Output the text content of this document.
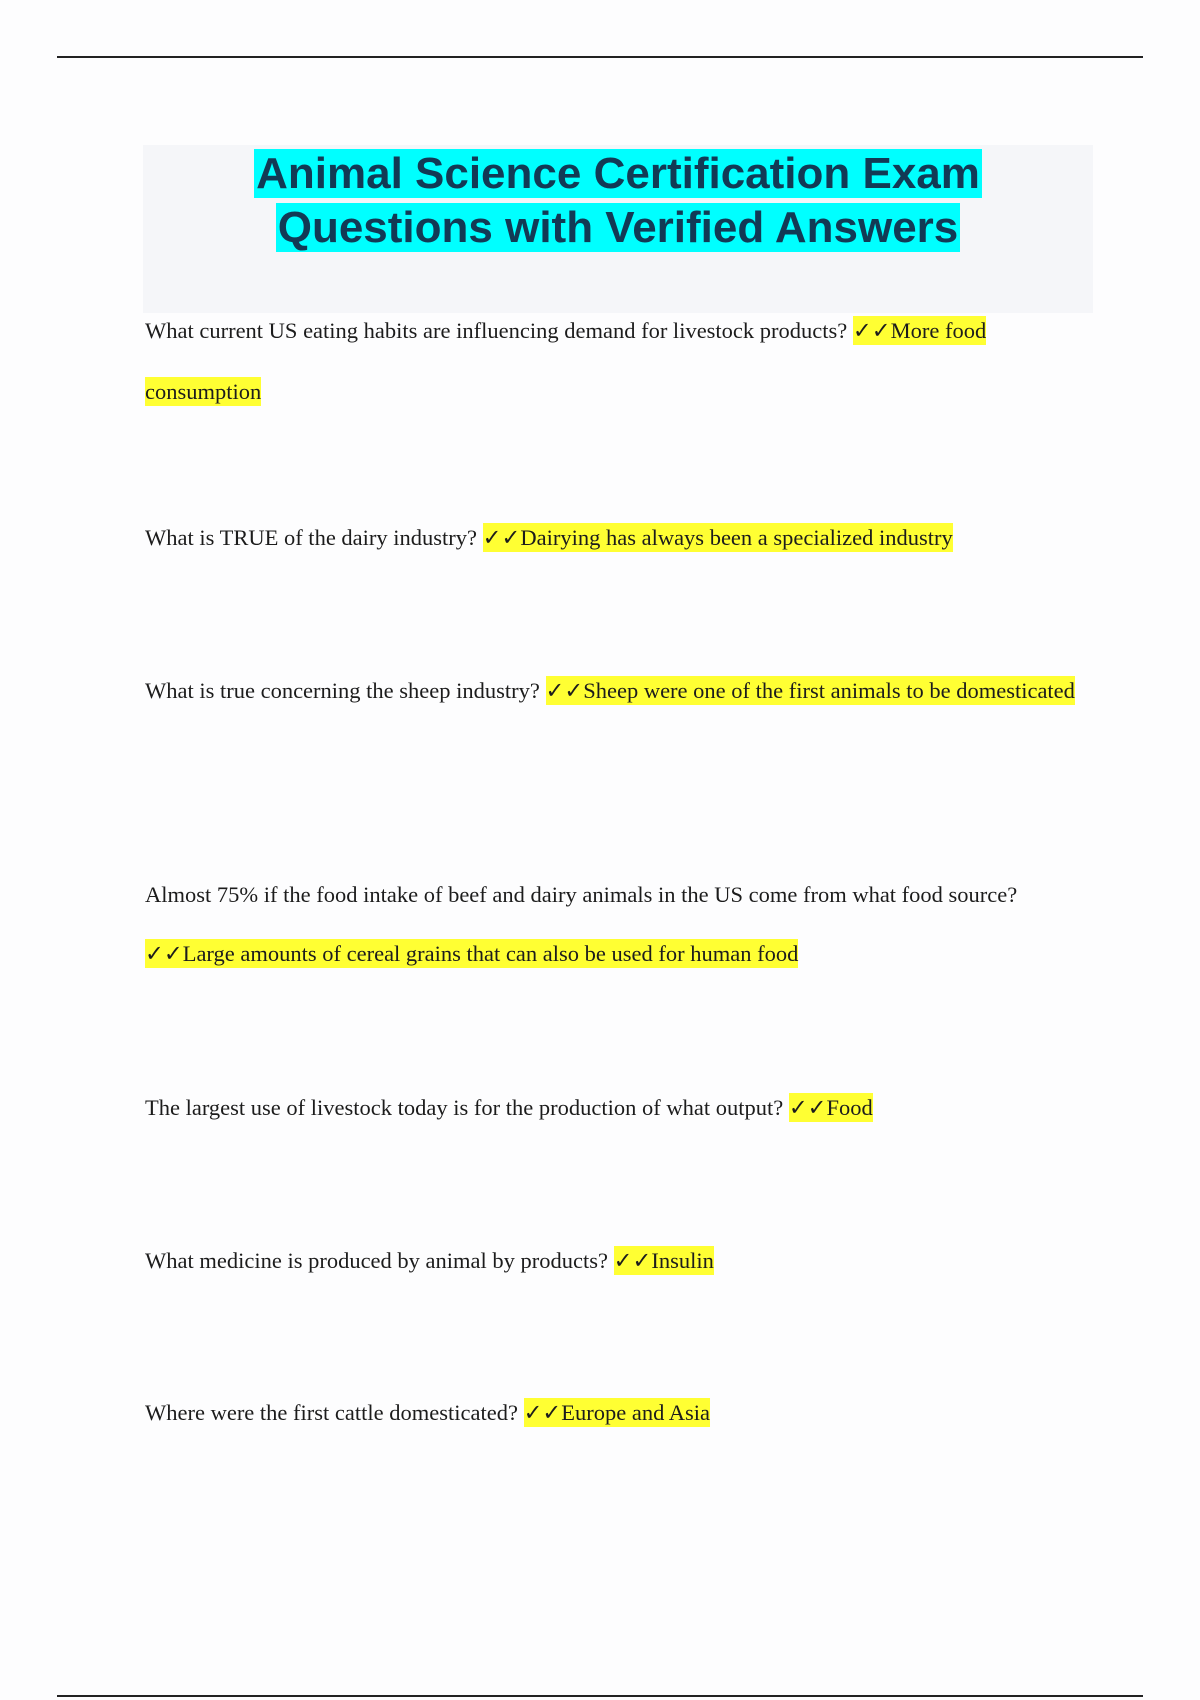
Animal Science Certification Exam
Questions with Verified Answers

What current US eating habits are influencing demand for livestock products? ✓✓More food consumption

What is TRUE of the dairy industry? ✓✓Dairying has always been a specialized industry

What is true concerning the sheep industry? ✓✓Sheep were one of the first animals to be domesticated

Almost 75% if the food intake of beef and dairy animals in the US come from what food source? ✓✓Large amounts of cereal grains that can also be used for human food

The largest use of livestock today is for the production of what output? ✓✓Food

What medicine is produced by animal by products? ✓✓Insulin

Where were the first cattle domesticated? ✓✓Europe and Asia
